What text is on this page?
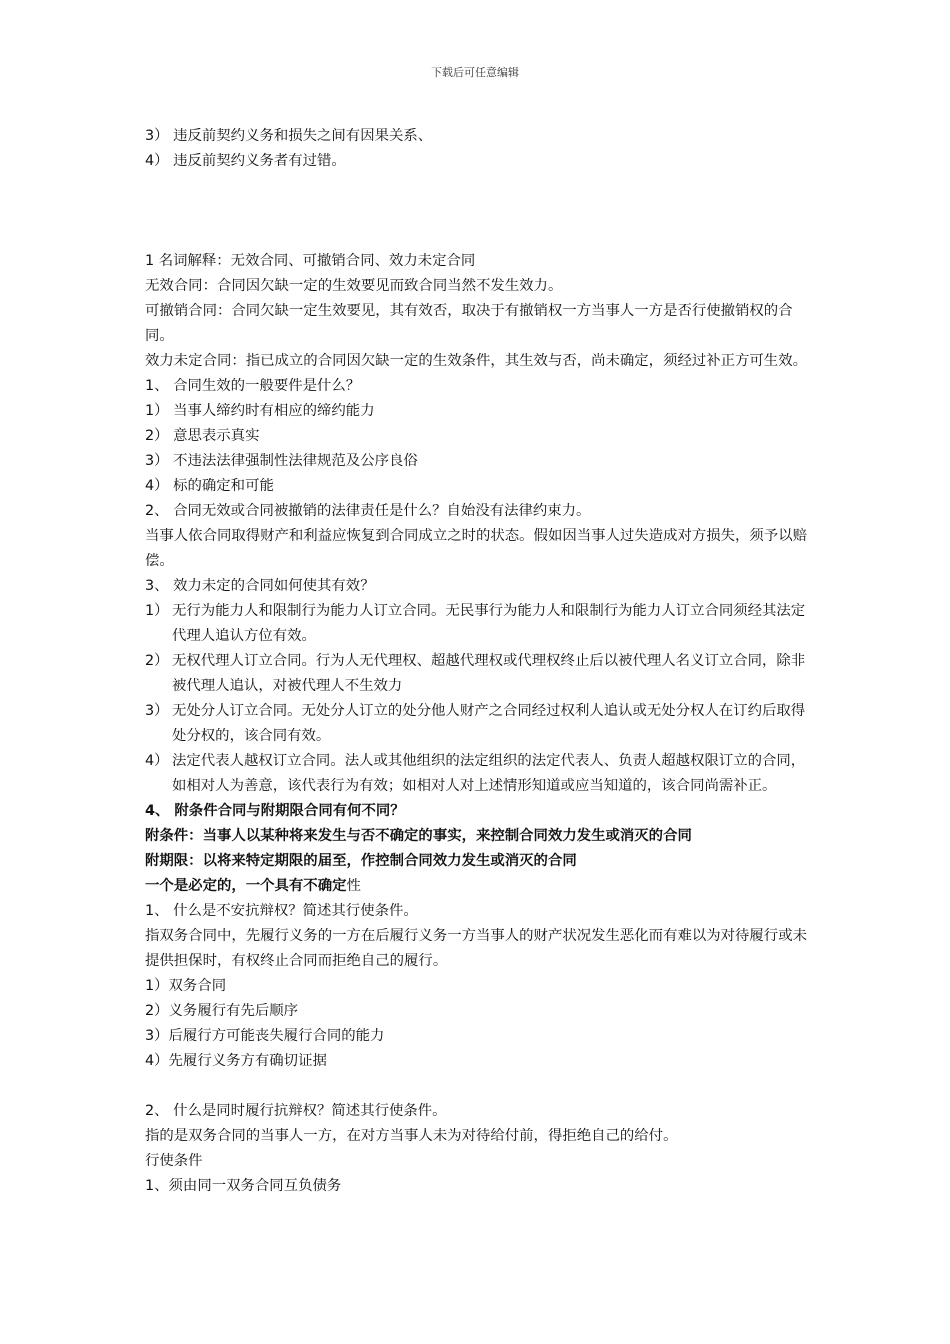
下载后可任意编辑

3） 违反前契约义务和损失之间有因果关系、

4） 违反前契约义务者有过错。

1 名词解释：无效合同、可撤销合同、效力未定合同

无效合同：合同因欠缺一定的生效要见而致合同当然不发生效力。

可撤销合同：合同欠缺一定生效要见，其有效否，取决于有撤销权一方当事人一方是否行使撤销权的合同。

效力未定合同：指已成立的合同因欠缺一定的生效条件，其生效与否，尚未确定，须经过补正方可生效。

1、 合同生效的一般要件是什么？

1） 当事人缔约时有相应的缔约能力

2） 意思表示真实

3） 不违法法律强制性法律规范及公序良俗

4） 标的确定和可能

2、 合同无效或合同被撤销的法律责任是什么？自始没有法律约束力。

当事人依合同取得财产和利益应恢复到合同成立之时的状态。假如因当事人过失造成对方损失，须予以赔偿。

3、 效力未定的合同如何使其有效？

1） 无行为能力人和限制行为能力人订立合同。无民事行为能力人和限制行为能力人订立合同须经其法定代理人追认方位有效。
2） 无权代理人订立合同。行为人无代理权、超越代理权或代理权终止后以被代理人名义订立合同，除非被代理人追认，对被代理人不生效力
3） 无处分人订立合同。无处分人订立的处分他人财产之合同经过权利人追认或无处分权人在订约后取得处分权的，该合同有效。
4） 法定代表人越权订立合同。法人或其他组织的法定组织的法定代表人、负责人超越权限订立的合同，如相对人为善意，该代表行为有效；如相对人对上述情形知道或应当知道的，该合同尚需补正。

4、 附条件合同与附期限合同有何不同？

附条件：当事人以某种将来发生与否不确定的事实，来控制合同效力发生或消灭的合同

附期限：以将来特定期限的届至，作控制合同效力发生或消灭的合同

一个是必定的，一个具有不确定性

1、 什么是不安抗辩权？简述其行使条件。

指双务合同中，先履行义务的一方在后履行义务一方当事人的财产状况发生恶化而有难以为对待履行或未提供担保时，有权终止合同而拒绝自己的履行。

1）双务合同

2）义务履行有先后顺序

3）后履行方可能丧失履行合同的能力

4）先履行义务方有确切证据

2、 什么是同时履行抗辩权？简述其行使条件。

指的是双务合同的当事人一方，在对方当事人未为对待给付前，得拒绝自己的给付。

行使条件

1、须由同一双务合同互负债务
